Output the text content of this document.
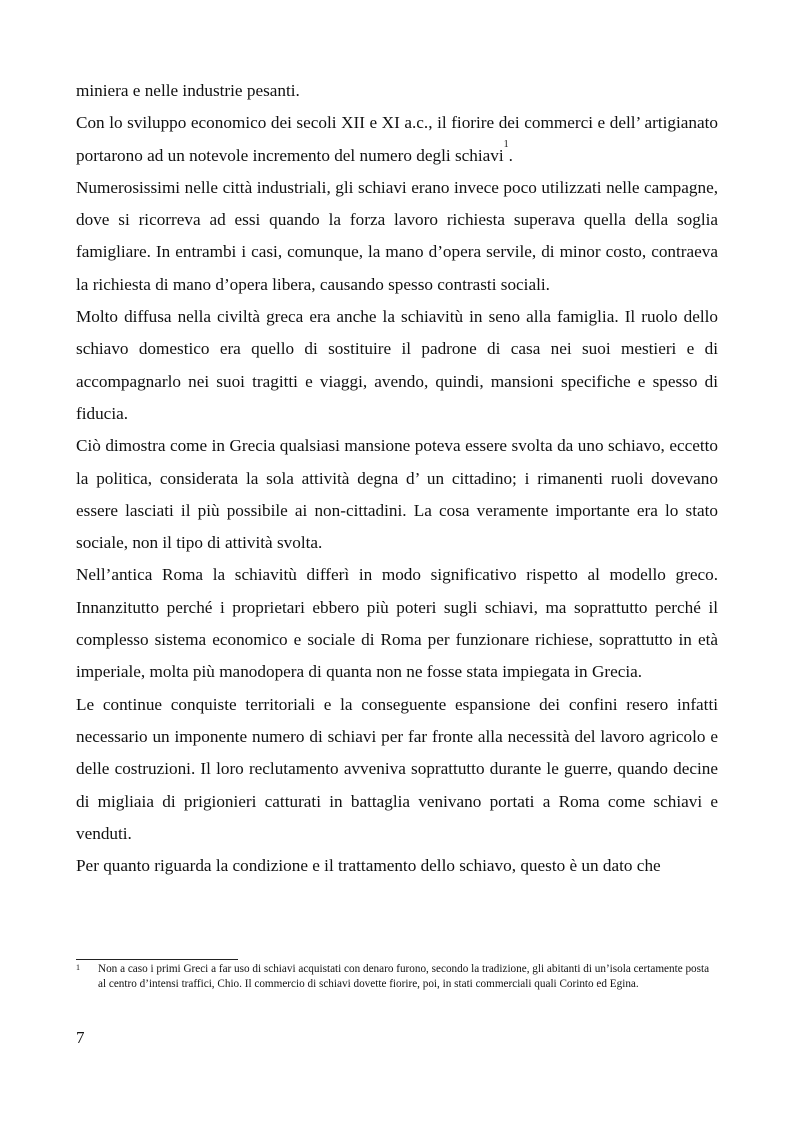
miniera e nelle industrie pesanti.

Con lo sviluppo economico dei secoli XII e XI a.c., il fiorire dei commerci e dell’ artigianato portarono ad un notevole incremento del numero degli schiavi$^1$.

Numerosissimi nelle città industriali, gli schiavi erano invece poco utilizzati nelle campagne, dove si ricorreva ad essi quando la forza lavoro richiesta superava quella della soglia famigliare. In entrambi i casi, comunque, la mano d’opera servile, di minor costo, contraeva la richiesta di mano d’opera libera, causando spesso contrasti sociali.

Molto diffusa nella civiltà greca era anche la schiavitù in seno alla famiglia. Il ruolo dello schiavo domestico era quello di sostituire il padrone di casa nei suoi mestieri e di accompagnarlo nei suoi tragitti e viaggi, avendo, quindi, mansioni specifiche e spesso di fiducia.

Ciò dimostra come in Grecia qualsiasi mansione poteva essere svolta da uno schiavo, eccetto la politica, considerata la sola attività degna d’ un cittadino; i rimanenti ruoli dovevano essere lasciati il più possibile ai non-cittadini. La cosa veramente importante era lo stato sociale, non il tipo di attività svolta.

Nell’antica Roma la schiavitù differì in modo significativo rispetto al modello greco. Innanzitutto perché i proprietari ebbero più poteri sugli schiavi, ma soprattutto perché il complesso sistema economico e sociale di Roma per funzionare richiese, soprattutto in età imperiale, molta più manodopera di quanta non ne fosse stata impiegata in Grecia.

Le continue conquiste territoriali e la conseguente espansione dei confini resero infatti necessario un imponente numero di schiavi per far fronte alla necessità del lavoro agricolo e delle costruzioni. Il loro reclutamento avveniva soprattutto durante le guerre, quando decine di migliaia di prigionieri catturati in battaglia venivano portati a Roma come schiavi e venduti.

Per quanto riguarda la condizione e il trattamento dello schiavo, questo è un dato che

1 Non a caso i primi Greci a far uso di schiavi acquistati con denaro furono, secondo la tradizione, gli abitanti di un’isola certamente posta al centro d’intensi traffici, Chio. Il commercio di schiavi dovette fiorire, poi, in stati commerciali quali Corinto ed Egina.
7
